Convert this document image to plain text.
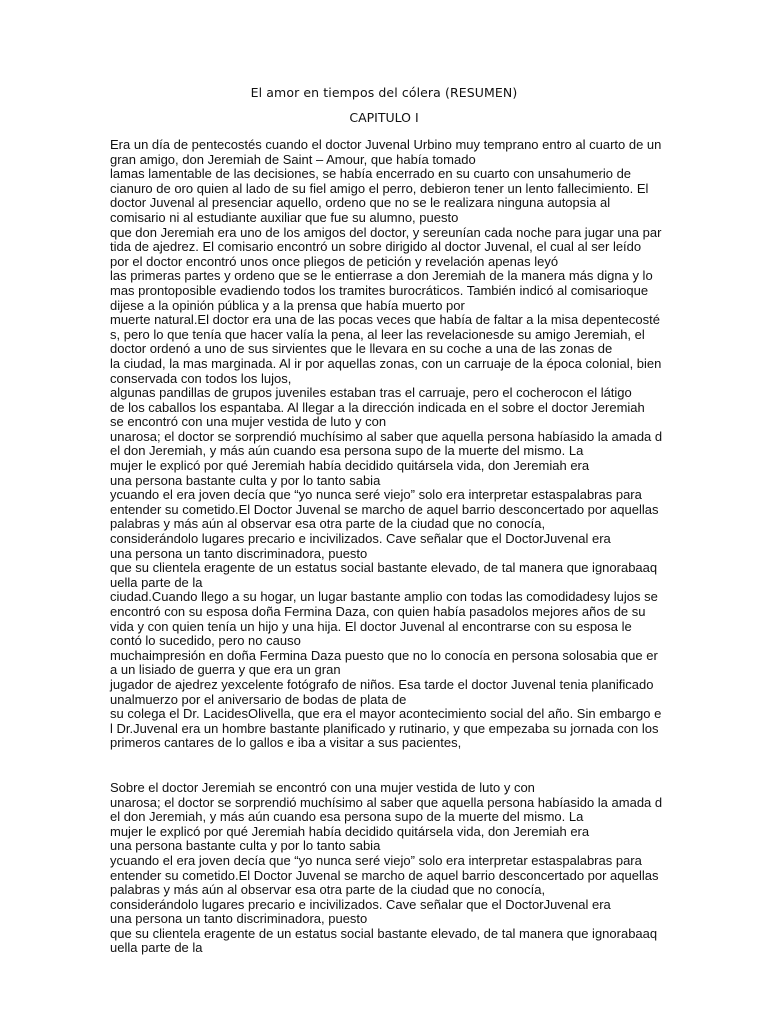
El amor en tiempos del cólera (RESUMEN)
CAPITULO I
Era un día de pentecostés cuando el doctor Juvenal Urbino muy temprano entro al cuarto de un
gran amigo, don Jeremiah de Saint – Amour, que había tomado
lamas lamentable de las decisiones, se había encerrado en su cuarto con unsahumerio de
cianuro de oro quien al lado de su fiel amigo el perro, debieron tener un lento fallecimiento. El
doctor Juvenal al presenciar aquello, ordeno que no se le realizara ninguna autopsia al
comisario ni al estudiante auxiliar que fue su alumno, puesto
que don Jeremiah era uno de los amigos del doctor, y sereunían cada noche para jugar una par
tida de ajedrez. El comisario encontró un sobre dirigido al doctor Juvenal, el cual al ser leído
por el doctor encontró unos once pliegos de petición y revelación apenas leyó
las primeras partes y ordeno que se le entierrase a don Jeremiah de la manera más digna y lo
mas prontoposible evadiendo todos los tramites burocráticos. También indicó al comisarioque
dijese a la opinión pública y a la prensa que había muerto por
muerte natural.El doctor era una de las pocas veces que había de faltar a la misa depentecosté
s, pero lo que tenía que hacer valía la pena, al leer las revelacionesde su amigo Jeremiah, el
doctor ordenó a uno de sus sirvientes que le llevara en su coche a una de las zonas de
la ciudad, la mas marginada. Al ir por aquellas zonas, con un carruaje de la época colonial, bien
conservada con todos los lujos,
algunas pandillas de grupos juveniles estaban tras el carruaje, pero el cocherocon el látigo
de los caballos los espantaba. Al llegar a la dirección indicada en el sobre el doctor Jeremiah
se encontró con una mujer vestida de luto y con
unarosa; el doctor se sorprendió muchísimo al saber que aquella persona habíasido la amada d
el don Jeremiah, y más aún cuando esa persona supo de la muerte del mismo. La
mujer le explicó por qué Jeremiah había decidido quitársela vida, don Jeremiah era
una persona bastante culta y por lo tanto sabia
ycuando el era joven decía que “yo nunca seré viejo” solo era interpretar estaspalabras para
entender su cometido.El Doctor Juvenal se marcho de aquel barrio desconcertado por aquellas
palabras y más aún al observar esa otra parte de la ciudad que no conocía,
considerándolo lugares precario e incivilizados. Cave señalar que el DoctorJuvenal era
una persona un tanto discriminadora, puesto
que su clientela eragente de un estatus social bastante elevado, de tal manera que ignorabaaq
uella parte de la
ciudad.Cuando llego a su hogar, un lugar bastante amplio con todas las comodidadesy lujos se
encontró con su esposa doña Fermina Daza, con quien había pasadolos mejores años de su
vida y con quien tenía un hijo y una hija. El doctor Juvenal al encontrarse con su esposa le
contó lo sucedido, pero no causo
muchaimpresión en doña Fermina Daza puesto que no lo conocía en persona solosabia que er
a un lisiado de guerra y que era un gran
jugador de ajedrez yexcelente fotógrafo de niños. Esa tarde el doctor Juvenal tenia planificado
unalmuerzo por el aniversario de bodas de plata de
su colega el Dr. LacidesOlivella, que era el mayor acontecimiento social del año. Sin embargo e
l Dr.Juvenal era un hombre bastante planificado y rutinario, y que empezaba su jornada con los
primeros cantares de lo gallos e iba a visitar a sus pacientes,
Sobre el doctor Jeremiah se encontró con una mujer vestida de luto y con
unarosa; el doctor se sorprendió muchísimo al saber que aquella persona habíasido la amada d
el don Jeremiah, y más aún cuando esa persona supo de la muerte del mismo. La
mujer le explicó por qué Jeremiah había decidido quitársela vida, don Jeremiah era
una persona bastante culta y por lo tanto sabia
ycuando el era joven decía que “yo nunca seré viejo” solo era interpretar estaspalabras para
entender su cometido.El Doctor Juvenal se marcho de aquel barrio desconcertado por aquellas
palabras y más aún al observar esa otra parte de la ciudad que no conocía,
considerándolo lugares precario e incivilizados. Cave señalar que el DoctorJuvenal era
una persona un tanto discriminadora, puesto
que su clientela eragente de un estatus social bastante elevado, de tal manera que ignorabaaq
uella parte de la
